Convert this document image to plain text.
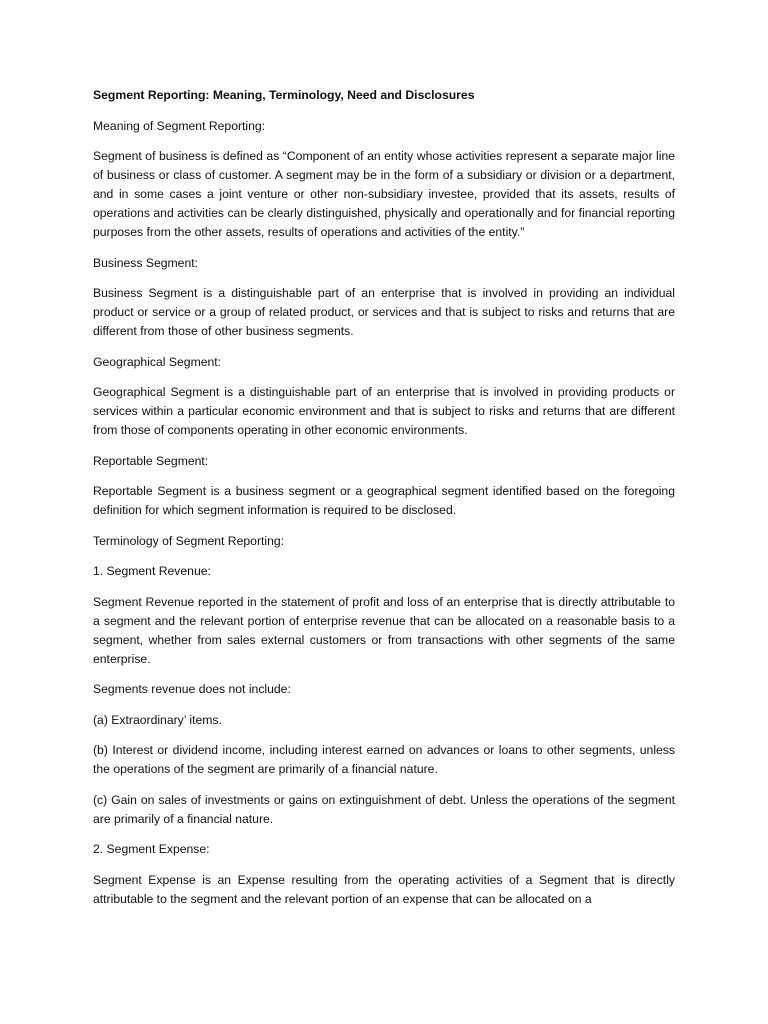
Segment Reporting: Meaning, Terminology, Need and Disclosures

Meaning of Segment Reporting:

Segment of business is defined as “Component of an entity whose activities represent a separate major line of business or class of customer. A segment may be in the form of a subsidiary or division or a department, and in some cases a joint venture or other non-subsidiary investee, provided that its assets, results of operations and activities can be clearly distinguished, physically and operationally and for financial reporting purposes from the other assets, results of operations and activities of the entity.”

Business Segment:

Business Segment is a distinguishable part of an enterprise that is involved in providing an individual product or service or a group of related product, or services and that is subject to risks and returns that are different from those of other business segments.

Geographical Segment:

Geographical Segment is a distinguishable part of an enterprise that is involved in providing products or services within a particular economic environment and that is subject to risks and returns that are different from those of components operating in other economic environments.

Reportable Segment:

Reportable Segment is a business segment or a geographical segment identified based on the foregoing definition for which segment information is required to be disclosed.

Terminology of Segment Reporting:

1. Segment Revenue:

Segment Revenue reported in the statement of profit and loss of an enterprise that is directly attributable to a segment and the relevant portion of enterprise revenue that can be allocated on a reasonable basis to a segment, whether from sales external customers or from transactions with other segments of the same enterprise.

Segments revenue does not include:

(a) Extraordinary’ items.

(b) Interest or dividend income, including interest earned on advances or loans to other segments, unless the operations of the segment are primarily of a financial nature.

(c) Gain on sales of investments or gains on extinguishment of debt. Unless the operations of the segment are primarily of a financial nature.

2. Segment Expense:

Segment Expense is an Expense resulting from the operating activities of a Segment that is directly attributable to the segment and the relevant portion of an expense that can be allocated on a
